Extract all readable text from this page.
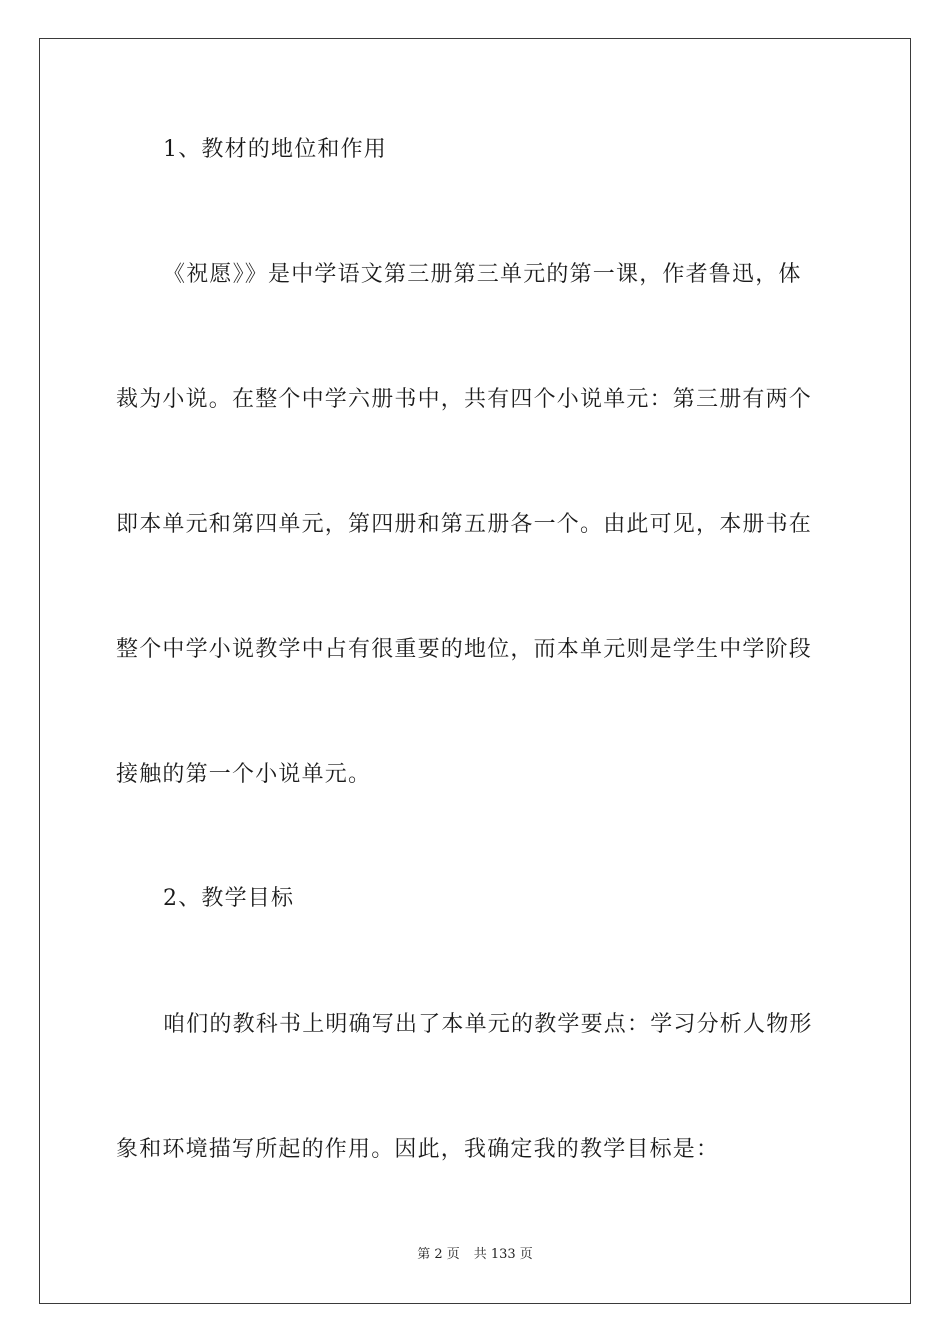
1、教材的地位和作用
《祝愿》》是中学语文第三册第三单元的第一课，作者鲁迅，体
裁为小说。在整个中学六册书中，共有四个小说单元：第三册有两个
即本单元和第四单元，第四册和第五册各一个。由此可见，本册书在
整个中学小说教学中占有很重要的地位，而本单元则是学生中学阶段
接触的第一个小说单元。
2、教学目标
咱们的教科书上明确写出了本单元的教学要点：学习分析人物形
象和环境描写所起的作用。因此，我确定我的教学目标是：
第 2 页 共 133 页
